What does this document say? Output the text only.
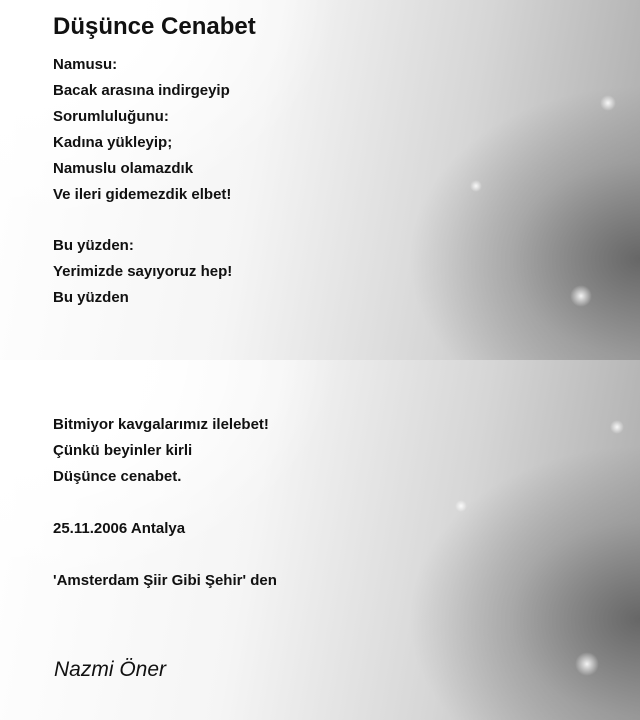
Düşünce Cenabet
Namusu:
Bacak arasına indirgeyip
Sorumluluğunu:
Kadına yükleyip;
Namuslu olamazdık
Ve ileri gidemezdik elbet!
Bu yüzden:
Yerimizde sayıyoruz hep!
Bu yüzden
Bitmiyor kavgalarımız ilelebet!
Çünkü beyinler kirli
Düşünce cenabet.
25.11.2006 Antalya
'Amsterdam Şiir Gibi Şehir' den

Nazmi Öner
